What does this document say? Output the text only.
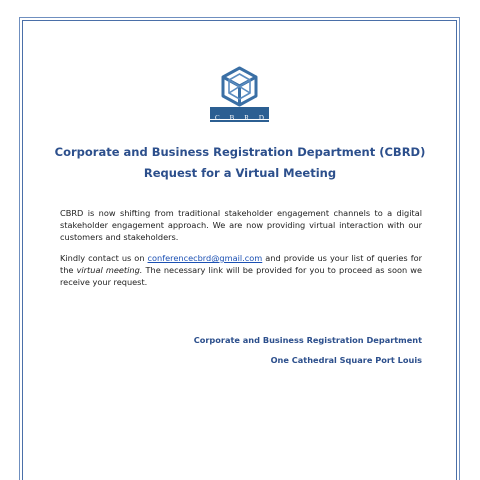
C B R D

Corporate and Business Registration Department (CBRD)

Request for a Virtual Meeting

CBRD is now shifting from traditional stakeholder engagement channels to a digital stakeholder engagement approach. We are now providing virtual interaction with our customers and stakeholders.

Kindly contact us on conferencecbrd@gmail.com and provide us your list of queries for the virtual meeting. The necessary link will be provided for you to proceed as soon we receive your request.

Corporate and Business Registration Department

One Cathedral Square Port Louis
